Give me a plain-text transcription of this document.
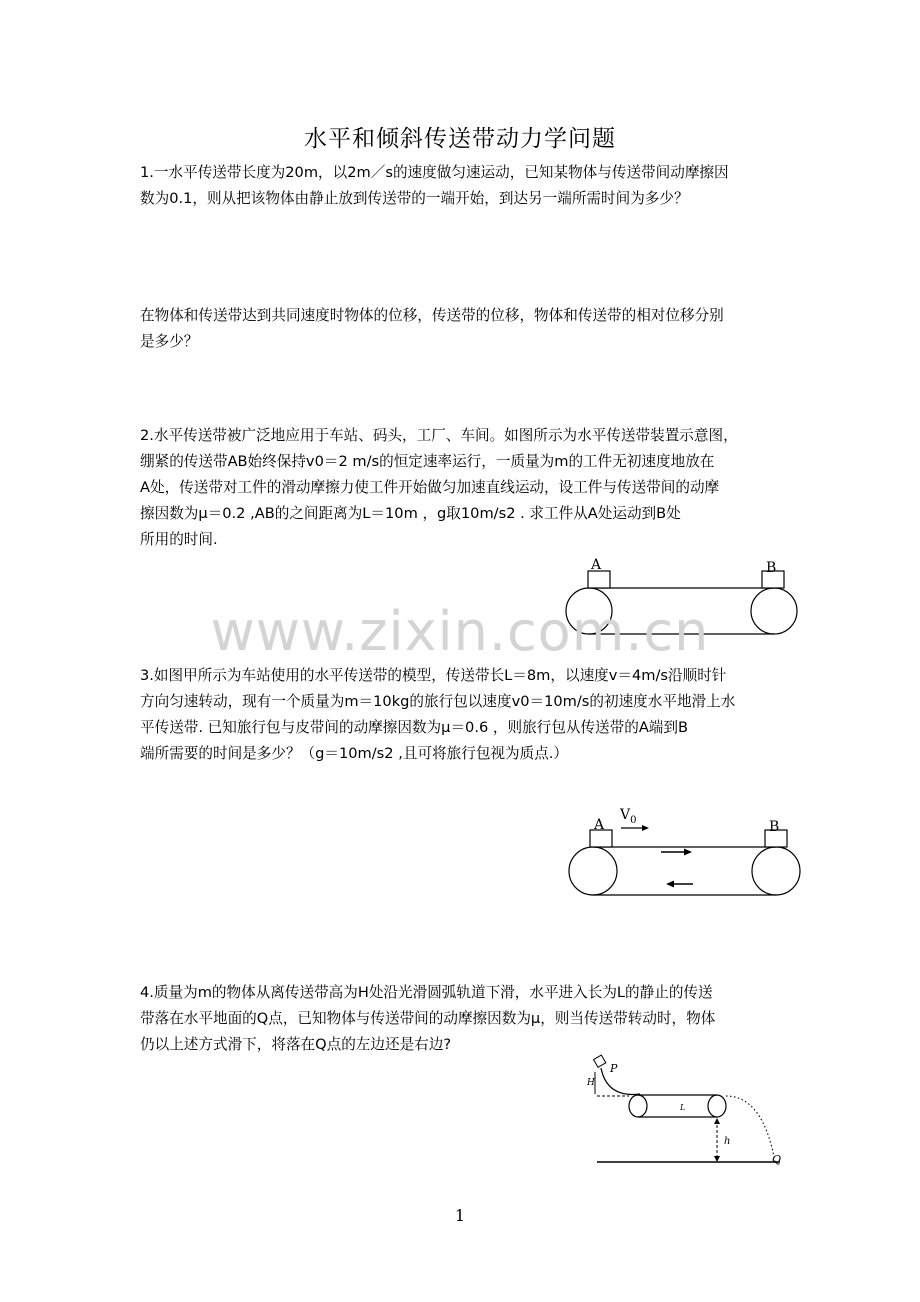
水平和倾斜传送带动力学问题

1.一水平传送带长度为20m，以2m／s的速度做匀速运动，已知某物体与传送带间动摩擦因
数为0.1，则从把该物体由静止放到传送带的一端开始，到达另一端所需时间为多少？

在物体和传送带达到共同速度时物体的位移，传送带的位移，物体和传送带的相对位移分别
是多少？

2.水平传送带被广泛地应用于车站、码头，工厂、车间。如图所示为水平传送带装置示意图，
绷紧的传送带AB始终保持v0＝2 m/s的恒定速率运行，一质量为m的工件无初速度地放在
A处，传送带对工件的滑动摩擦力使工件开始做匀加速直线运动，设工件与传送带间的动摩
擦因数为μ＝0.2 ,AB的之间距离为L＝10m ，g取10m/s2 . 求工件从A处运动到B处
所用的时间.

A	B
www.zixin.com.cn

3.如图甲所示为车站使用的水平传送带的模型，传送带长L＝8m，以速度v＝4m/s沿顺时针
方向匀速转动，现有一个质量为m＝10kg的旅行包以速度v0＝10m/s的初速度水平地滑上水
平传送带. 已知旅行包与皮带间的动摩擦因数为μ＝0.6 ，则旅行包从传送带的A端到B
端所需要的时间是多少？（g＝10m/s2 ,且可将旅行包视为质点.）

A	B
$V_0$

4.质量为m的物体从离传送带高为H处沿光滑圆弧轨道下滑，水平进入长为L的静止的传送
带落在水平地面的Q点，已知物体与传送带间的动摩擦因数为μ，则当传送带转动时，物体
仍以上述方式滑下，将落在Q点的左边还是右边?

P
H
L
h
Q
1
